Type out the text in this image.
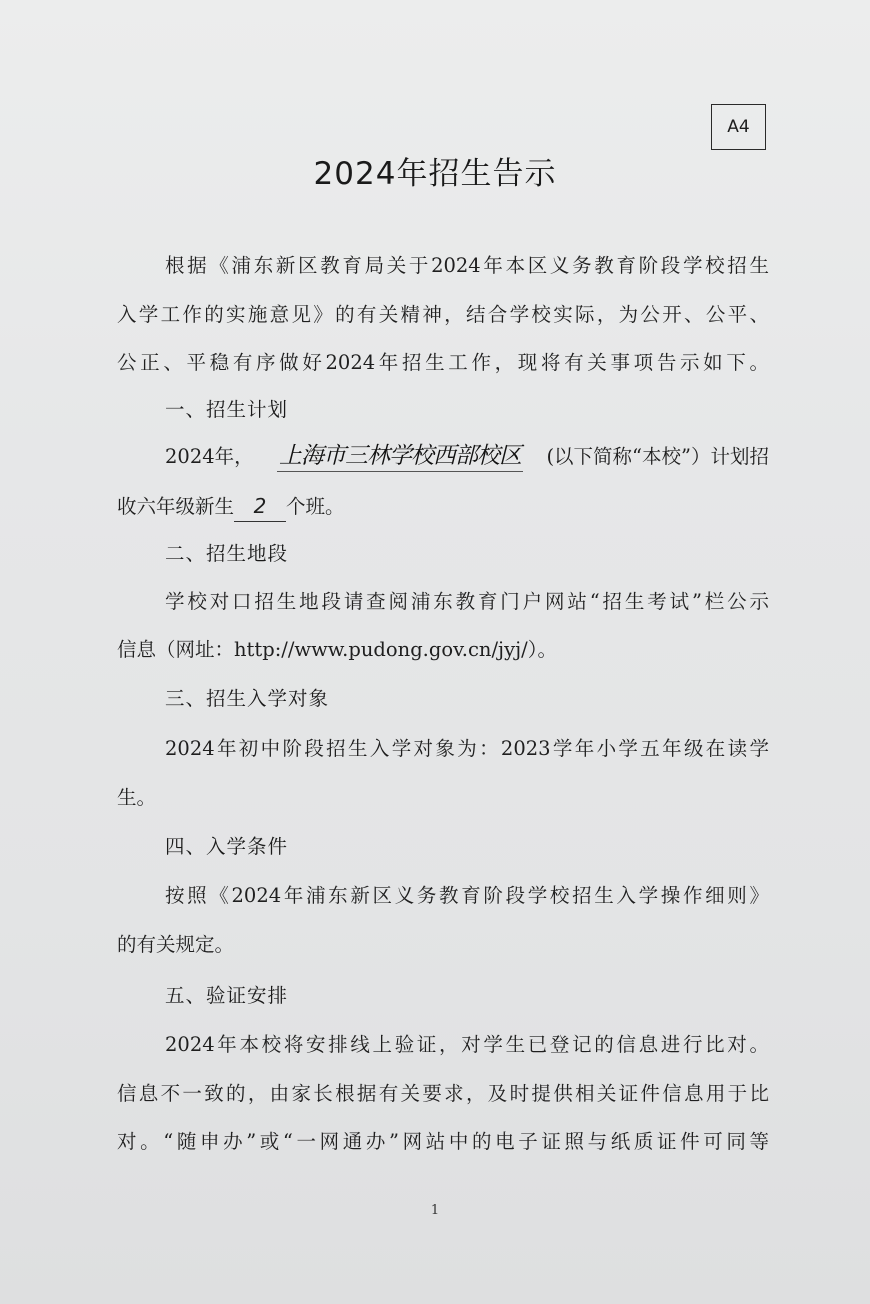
A4
2024年招生告示
根据《浦东新区教育局关于2024年本区义务教育阶段学校招生
入学工作的实施意见》的有关精神，结合学校实际，为公开、公平、
公正、平稳有序做好2024年招生工作，现将有关事项告示如下。
一、招生计划
2024年， 上海市三林学校西部校区 (以下简称“本校”）计划招
收六年级新生 2 个班。
二、招生地段
学校对口招生地段请查阅浦东教育门户网站“招生考试”栏公示
信息（网址：http://www.pudong.gov.cn/jyj/）。
三、招生入学对象
2024年初中阶段招生入学对象为：2023学年小学五年级在读学
生。
四、入学条件
按照《2024年浦东新区义务教育阶段学校招生入学操作细则》
的有关规定。
五、验证安排
2024年本校将安排线上验证，对学生已登记的信息进行比对。
信息不一致的，由家长根据有关要求，及时提供相关证件信息用于比
对。“随申办”或“一网通办”网站中的电子证照与纸质证件可同等
1
